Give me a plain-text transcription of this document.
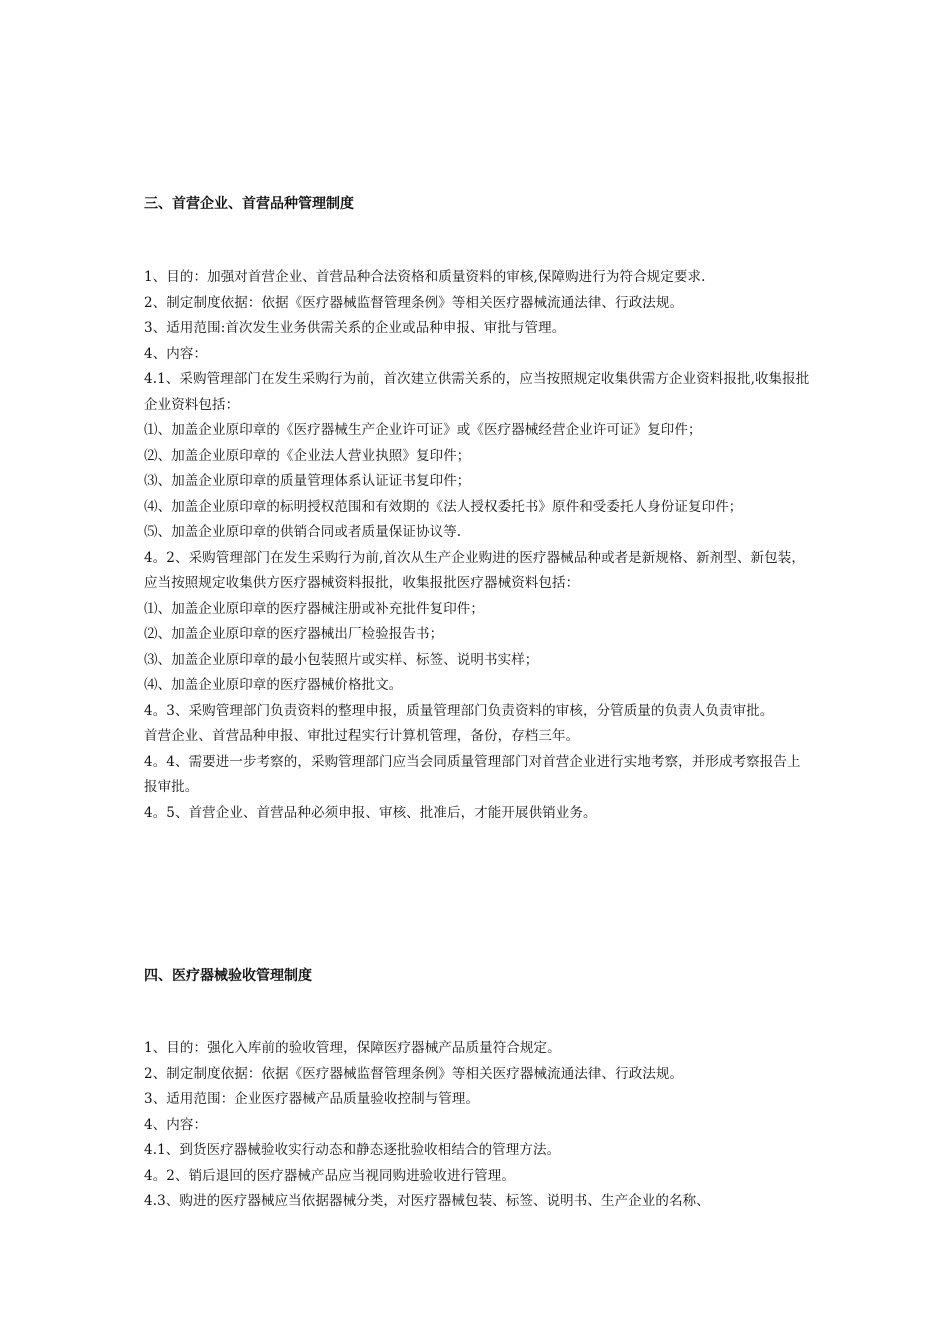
三、首营企业、首营品种管理制度

1、目的：加强对首营企业、首营品种合法资格和质量资料的审核,保障购进行为符合规定要求.

2、制定制度依据：依据《医疗器械监督管理条例》等相关医疗器械流通法律、行政法规。

3、适用范围:首次发生业务供需关系的企业或品种申报、审批与管理。

4、内容：

4.1、采购管理部门在发生采购行为前，首次建立供需关系的，应当按照规定收集供需方企业资料报批,收集报批企业资料包括：

⑴、加盖企业原印章的《医疗器械生产企业许可证》或《医疗器械经营企业许可证》复印件；

⑵、加盖企业原印章的《企业法人营业执照》复印件；

⑶、加盖企业原印章的质量管理体系认证证书复印件；

⑷、加盖企业原印章的标明授权范围和有效期的《法人授权委托书》原件和受委托人身份证复印件；

⑸、加盖企业原印章的供销合同或者质量保证协议等.

4。2、采购管理部门在发生采购行为前,首次从生产企业购进的医疗器械品种或者是新规格、新剂型、新包装，应当按照规定收集供方医疗器械资料报批，收集报批医疗器械资料包括：

⑴、加盖企业原印章的医疗器械注册或补充批件复印件；

⑵、加盖企业原印章的医疗器械出厂检验报告书；

⑶、加盖企业原印章的最小包装照片或实样、标签、说明书实样；

⑷、加盖企业原印章的医疗器械价格批文。

4。3、采购管理部门负责资料的整理申报，质量管理部门负责资料的审核，分管质量的负责人负责审批。

首营企业、首营品种申报、审批过程实行计算机管理，备份，存档三年。

4。4、需要进一步考察的，采购管理部门应当会同质量管理部门对首营企业进行实地考察，并形成考察报告上报审批。

4。5、首营企业、首营品种必须申报、审核、批准后，才能开展供销业务。

四、医疗器械验收管理制度

1、目的：强化入库前的验收管理，保障医疗器械产品质量符合规定。

2、制定制度依据：依据《医疗器械监督管理条例》等相关医疗器械流通法律、行政法规。

3、适用范围：企业医疗器械产品质量验收控制与管理。

4、内容：

4.1、到货医疗器械验收实行动态和静态逐批验收相结合的管理方法。

4。2、销后退回的医疗器械产品应当视同购进验收进行管理。

4.3、购进的医疗器械应当依据器械分类，对医疗器械包装、标签、说明书、生产企业的名称、
